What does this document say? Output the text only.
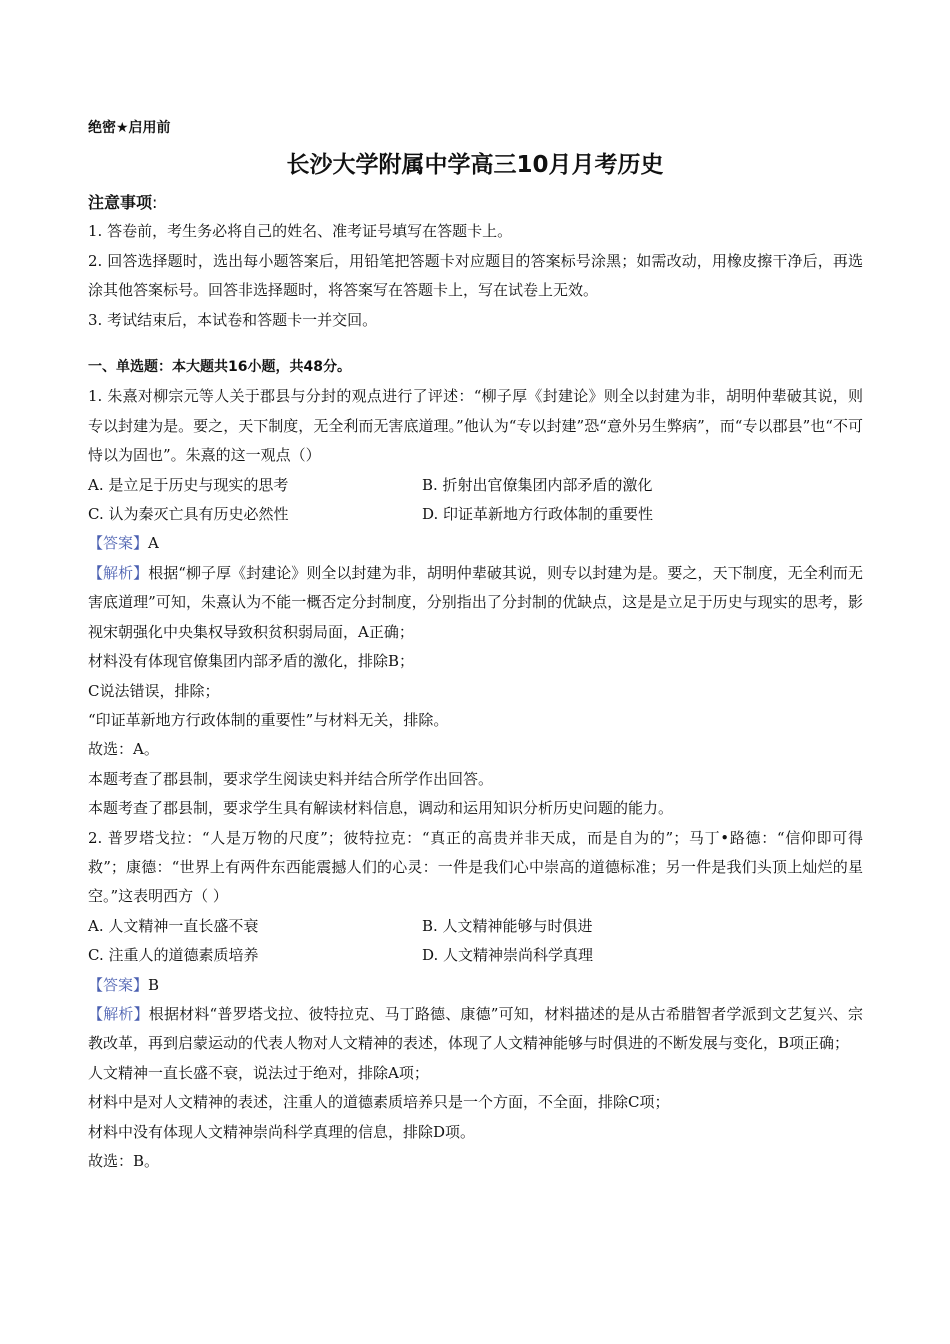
绝密★启用前
长沙大学附属中学高三10月月考历史

注意事项:

1. 答卷前，考生务必将自己的姓名、准考证号填写在答题卡上。

2. 回答选择题时，选出每小题答案后，用铅笔把答题卡对应题目的答案标号涂黑；如需改动，用橡皮擦干净后，再选涂其他答案标号。回答非选择题时，将答案写在答题卡上，写在试卷上无效。

3. 考试结束后，本试卷和答题卡一并交回。

一、单选题：本大题共16小题，共48分。

1. 朱熹对柳宗元等人关于郡县与分封的观点进行了评述：“柳子厚《封建论》则全以封建为非，胡明仲辈破其说，则专以封建为是。要之，天下制度，无全利而无害底道理。”他认为“专以封建”恐“意外另生弊病”，而“专以郡县”也“不可恃以为固也”。朱熹的这一观点（）

A. 是立足于历史与现实的思考	B. 折射出官僚集团内部矛盾的激化
C. 认为秦灭亡具有历史必然性	D. 印证革新地方行政体制的重要性

【答案】A

【解析】根据“柳子厚《封建论》则全以封建为非，胡明仲辈破其说，则专以封建为是。要之，天下制度，无全利而无害底道理”可知，朱熹认为不能一概否定分封制度，分别指出了分封制的优缺点，这是是立足于历史与现实的思考，影视宋朝强化中央集权导致积贫积弱局面，A正确；

材料没有体现官僚集团内部矛盾的激化，排除B；

C说法错误，排除；

“印证革新地方行政体制的重要性”与材料无关，排除。

故选：A。

本题考查了郡县制，要求学生阅读史料并结合所学作出回答。

本题考查了郡县制，要求学生具有解读材料信息，调动和运用知识分析历史问题的能力。

2. 普罗塔戈拉：“人是万物的尺度”；彼特拉克：“真正的高贵并非天成，而是自为的”；马丁•路德：“信仰即可得救”；康德：“世界上有两件东西能震撼人们的心灵：一件是我们心中崇高的道德标准；另一件是我们头顶上灿烂的星空。”这表明西方（ ）

A. 人文精神一直长盛不衰	B. 人文精神能够与时俱进
C. 注重人的道德素质培养	D. 人文精神崇尚科学真理

【答案】B

【解析】根据材料“普罗塔戈拉、彼特拉克、马丁路德、康德”可知，材料描述的是从古希腊智者学派到文艺复兴、宗教改革，再到启蒙运动的代表人物对人文精神的表述，体现了人文精神能够与时俱进的不断发展与变化，B项正确；

人文精神一直长盛不衰，说法过于绝对，排除A项；

材料中是对人文精神的表述，注重人的道德素质培养只是一个方面，不全面，排除C项；

材料中没有体现人文精神崇尚科学真理的信息，排除D项。

故选：B。
